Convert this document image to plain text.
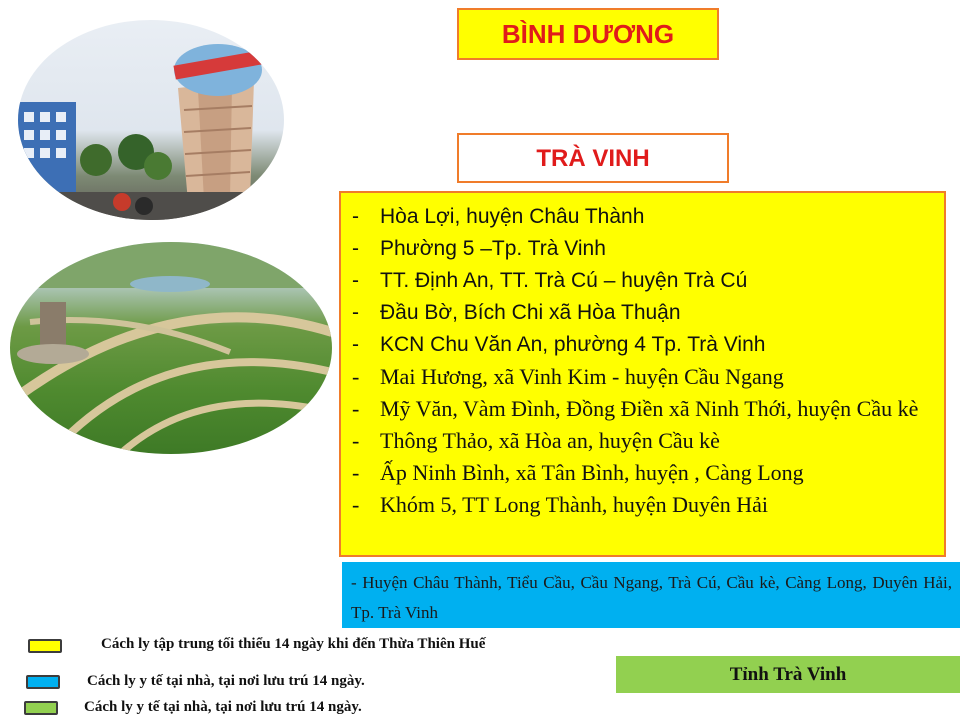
BÌNH DƯƠNG
TRÀ VINH
- Hòa Lợi, huyện Châu Thành
- Phường 5 –Tp. Trà Vinh
- TT. Định An, TT. Trà Cú – huyện Trà Cú
- Đầu Bờ, Bích Chi xã Hòa Thuận
- KCN Chu Văn An, phường 4 Tp. Trà Vinh
- Mai Hương, xã Vinh Kim - huyện Cầu Ngang
- Mỹ Văn, Vàm Đình, Đồng Điền xã Ninh Thới, huyện Cầu kè
- Thông Thảo, xã Hòa an, huyện Cầu kè
- Ấp Ninh Bình, xã Tân Bình, huyện , Càng Long
- Khóm 5, TT Long Thành, huyện Duyên Hải
- Huyện Châu Thành, Tiểu Cầu, Cầu Ngang, Trà Cú, Cầu kè, Càng Long, Duyên Hải, Tp. Trà Vinh
Tỉnh Trà Vinh
Cách ly tập trung tối thiểu 14 ngày khi đến Thừa Thiên Huế
Cách ly y tế tại nhà, tại nơi lưu trú 14 ngày.
Cách ly y tế tại nhà, tại nơi lưu trú 14 ngày.
